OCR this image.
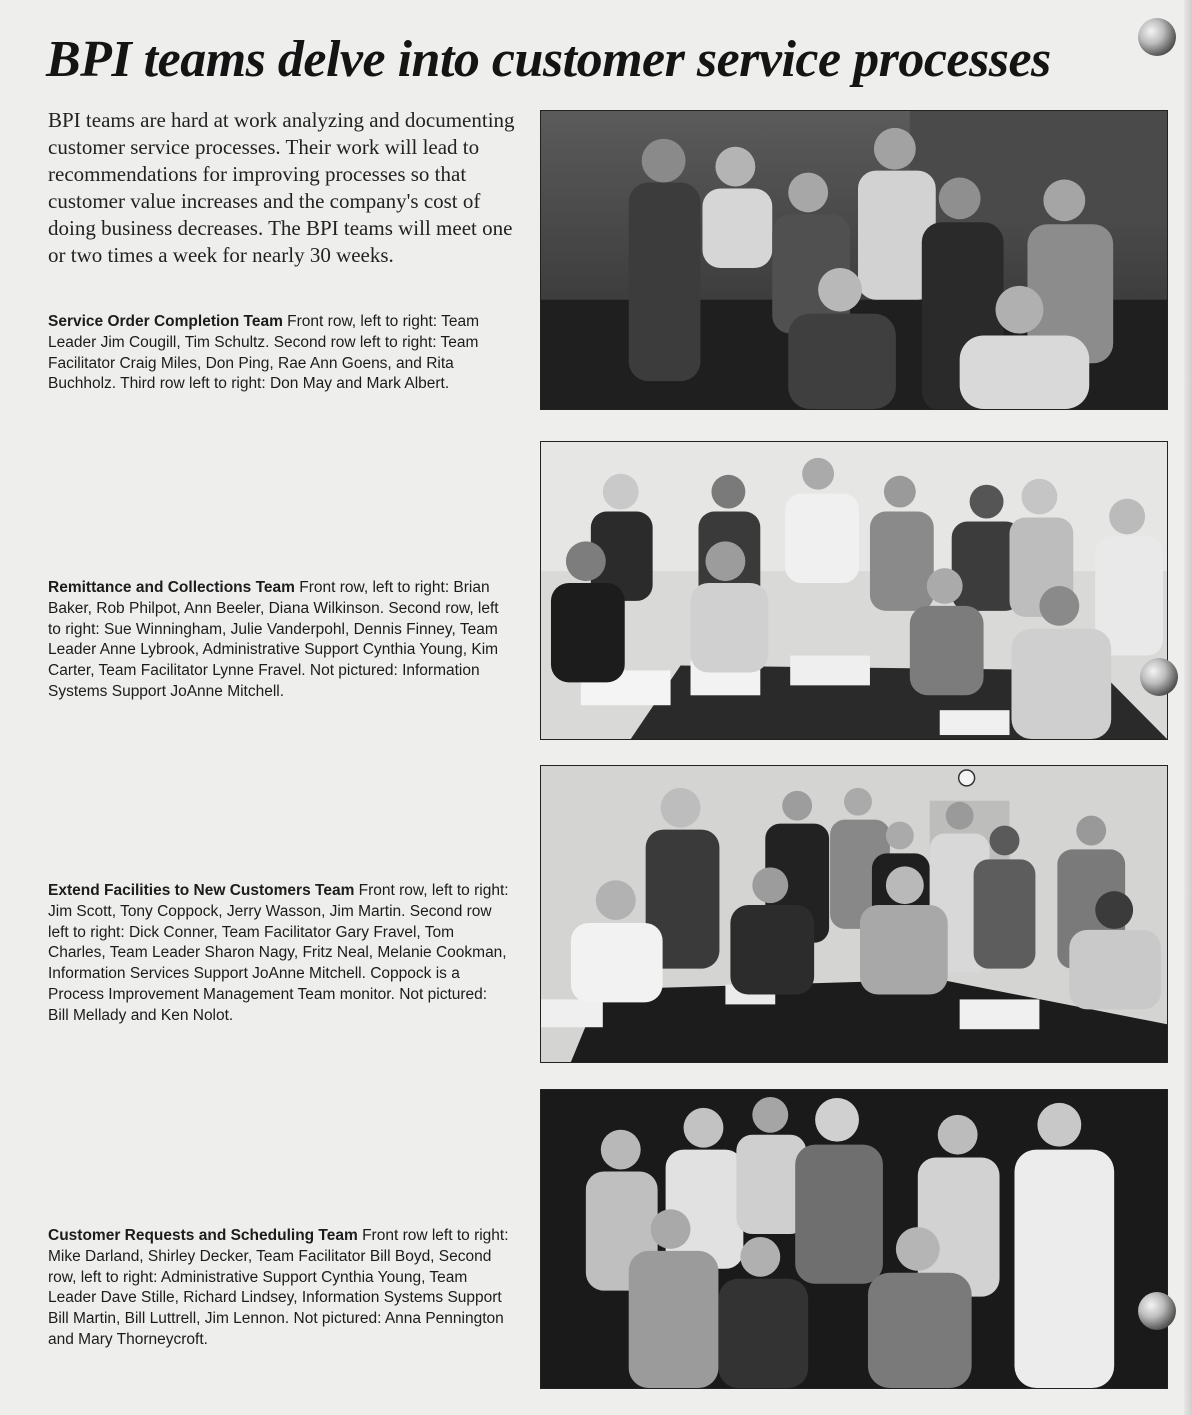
BPI teams delve into customer service processes

BPI teams are hard at work analyzing and documenting customer service processes. Their work will lead to recommendations for improving processes so that customer value increases and the company's cost of doing business decreases. The BPI teams will meet one or two times a week for nearly 30 weeks.

Service Order Completion Team Front row, left to right: Team Leader Jim Cougill, Tim Schultz. Second row left to right: Team Facilitator Craig Miles, Don Ping, Rae Ann Goens, and Rita Buchholz. Third row left to right: Don May and Mark Albert.

Remittance and Collections Team Front row, left to right: Brian Baker, Rob Philpot, Ann Beeler, Diana Wilkinson. Second row, left to right: Sue Winningham, Julie Vanderpohl, Dennis Finney, Team Leader Anne Lybrook, Administrative Support Cynthia Young, Kim Carter, Team Facilitator Lynne Fravel. Not pictured: Information Systems Support JoAnne Mitchell.

Extend Facilities to New Customers Team Front row, left to right: Jim Scott, Tony Coppock, Jerry Wasson, Jim Martin. Second row left to right: Dick Conner, Team Facilitator Gary Fravel, Tom Charles, Team Leader Sharon Nagy, Fritz Neal, Melanie Cookman, Information Services Support JoAnne Mitchell. Coppock is a Process Improvement Management Team monitor. Not pictured: Bill Mellady and Ken Nolot.

Customer Requests and Scheduling Team Front row left to right: Mike Darland, Shirley Decker, Team Facilitator Bill Boyd, Second row, left to right: Administrative Support Cynthia Young, Team Leader Dave Stille, Richard Lindsey, Information Systems Support Bill Martin, Bill Luttrell, Jim Lennon. Not pictured: Anna Pennington and Mary Thorneycroft.
